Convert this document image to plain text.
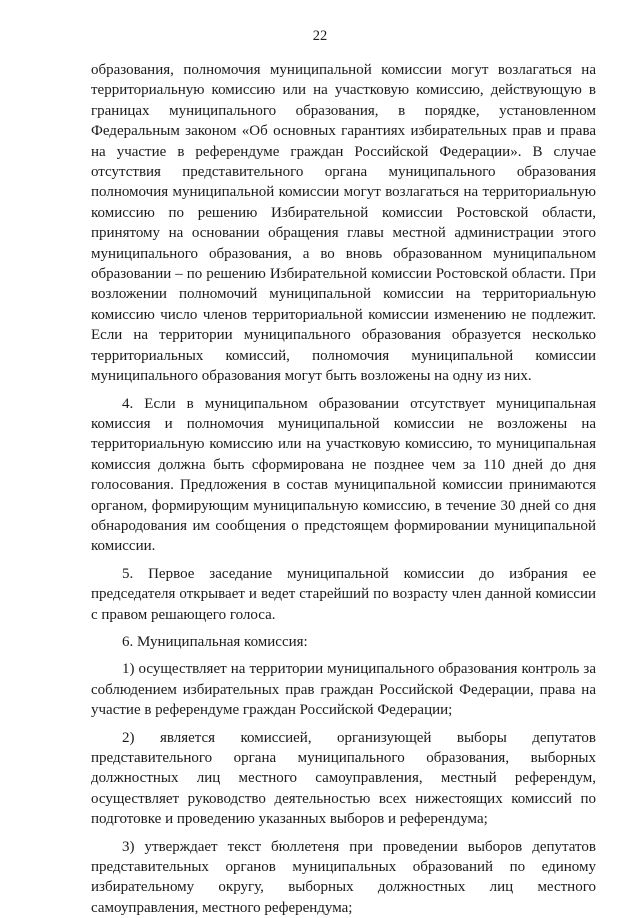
22

образования, полномочия муниципальной комиссии могут возлагаться на территориальную комиссию или на участковую комиссию, действующую в границах муниципального образования, в порядке, установленном Федеральным законом «Об основных гарантиях избирательных прав и права на участие в референдуме граждан Российской Федерации». В случае отсутствия представительного органа муниципального образования полномочия муниципальной комиссии могут возлагаться на территориальную комиссию по решению Избирательной комиссии Ростовской области, принятому на основании обращения главы местной администрации этого муниципального образования, а во вновь образованном муниципальном образовании – по решению Избирательной комиссии Ростовской области. При возложении полномочий муниципальной комиссии на территориальную комиссию число членов территориальной комиссии изменению не подлежит. Если на территории муниципального образования образуется несколько территориальных комиссий, полномочия муниципальной комиссии муниципального образования могут быть возложены на одну из них.

4. Если в муниципальном образовании отсутствует муниципальная комиссия и полномочия муниципальной комиссии не возложены на территориальную комиссию или на участковую комиссию, то муниципальная комиссия должна быть сформирована не позднее чем за 110 дней до дня голосования. Предложения в состав муниципальной комиссии принимаются органом, формирующим муниципальную комиссию, в течение 30 дней со дня обнародования им сообщения о предстоящем формировании муниципальной комиссии.

5. Первое заседание муниципальной комиссии до избрания ее председателя открывает и ведет старейший по возрасту член данной комиссии с правом решающего голоса.

6. Муниципальная комиссия:

1) осуществляет на территории муниципального образования контроль за соблюдением избирательных прав граждан Российской Федерации, права на участие в референдуме граждан Российской Федерации;

2) является комиссией, организующей выборы депутатов представительного органа муниципального образования, выборных должностных лиц местного самоуправления, местный референдум, осуществляет руководство деятельностью всех нижестоящих комиссий по подготовке и проведению указанных выборов и референдума;

3) утверждает текст бюллетеня при проведении выборов депутатов представительных органов муниципальных образований по единому избирательному округу, выборных должностных лиц местного самоуправления, местного референдума;
